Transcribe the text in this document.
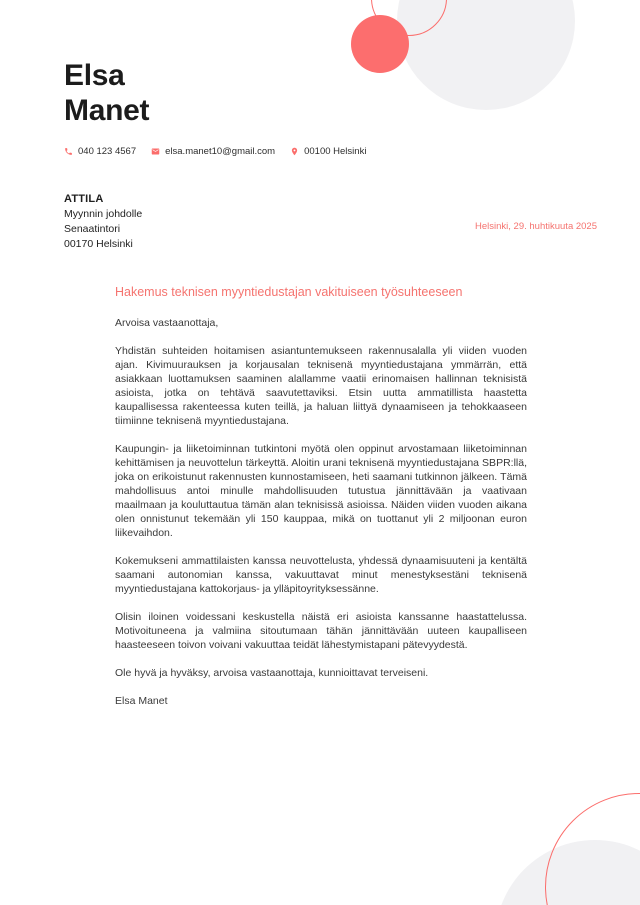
Helsinki, 29. huhtikuuta 2025
Elsa
Manet
040 123 4567	elsa.manet10@gmail.com	00100 Helsinki
ATTILA
Myynnin johdolle
Senaatintori
00170 Helsinki
Hakemus teknisen myyntiedustajan vakituiseen työsuhteeseen

Arvoisa vastaanottaja,

Yhdistän suhteiden hoitamisen asiantuntemukseen rakennusalalla yli viiden vuoden ajan. Kivimuurauksen ja korjausalan teknisenä myyntiedustajana ymmärrän, että asiakkaan luottamuksen saaminen alallamme vaatii erinomaisen hallinnan teknisistä asioista, jotka on tehtävä saavutettaviksi. Etsin uutta ammatillista haastetta kaupallisessa rakenteessa kuten teillä, ja haluan liittyä dynaamiseen ja tehokkaaseen tiimiinne teknisenä myyntiedustajana.

Kaupungin- ja liiketoiminnan tutkintoni myötä olen oppinut arvostamaan liiketoiminnan kehittämisen ja neuvottelun tärkeyttä. Aloitin urani teknisenä myyntiedustajana SBPR:llä, joka on erikoistunut rakennusten kunnostamiseen, heti saamani tutkinnon jälkeen. Tämä mahdollisuus antoi minulle mahdollisuuden tutustua jännittävään ja vaativaan maailmaan ja kouluttautua tämän alan teknisissä asioissa. Näiden viiden vuoden aikana olen onnistunut tekemään yli 150 kauppaa, mikä on tuottanut yli 2 miljoonan euron liikevaihdon.

Kokemukseni ammattilaisten kanssa neuvottelusta, yhdessä dynaamisuuteni ja kentältä saamani autonomian kanssa, vakuuttavat minut menestyksestäni teknisenä myyntiedustajana kattokorjaus- ja ylläpitoyrityksessänne.

Olisin iloinen voidessani keskustella näistä eri asioista kanssanne haastattelussa. Motivoituneena ja valmiina sitoutumaan tähän jännittävään uuteen kaupalliseen haasteeseen toivon voivani vakuuttaa teidät lähestymistapani pätevyydestä.

Ole hyvä ja hyväksy, arvoisa vastaanottaja, kunnioittavat terveiseni.

Elsa Manet
